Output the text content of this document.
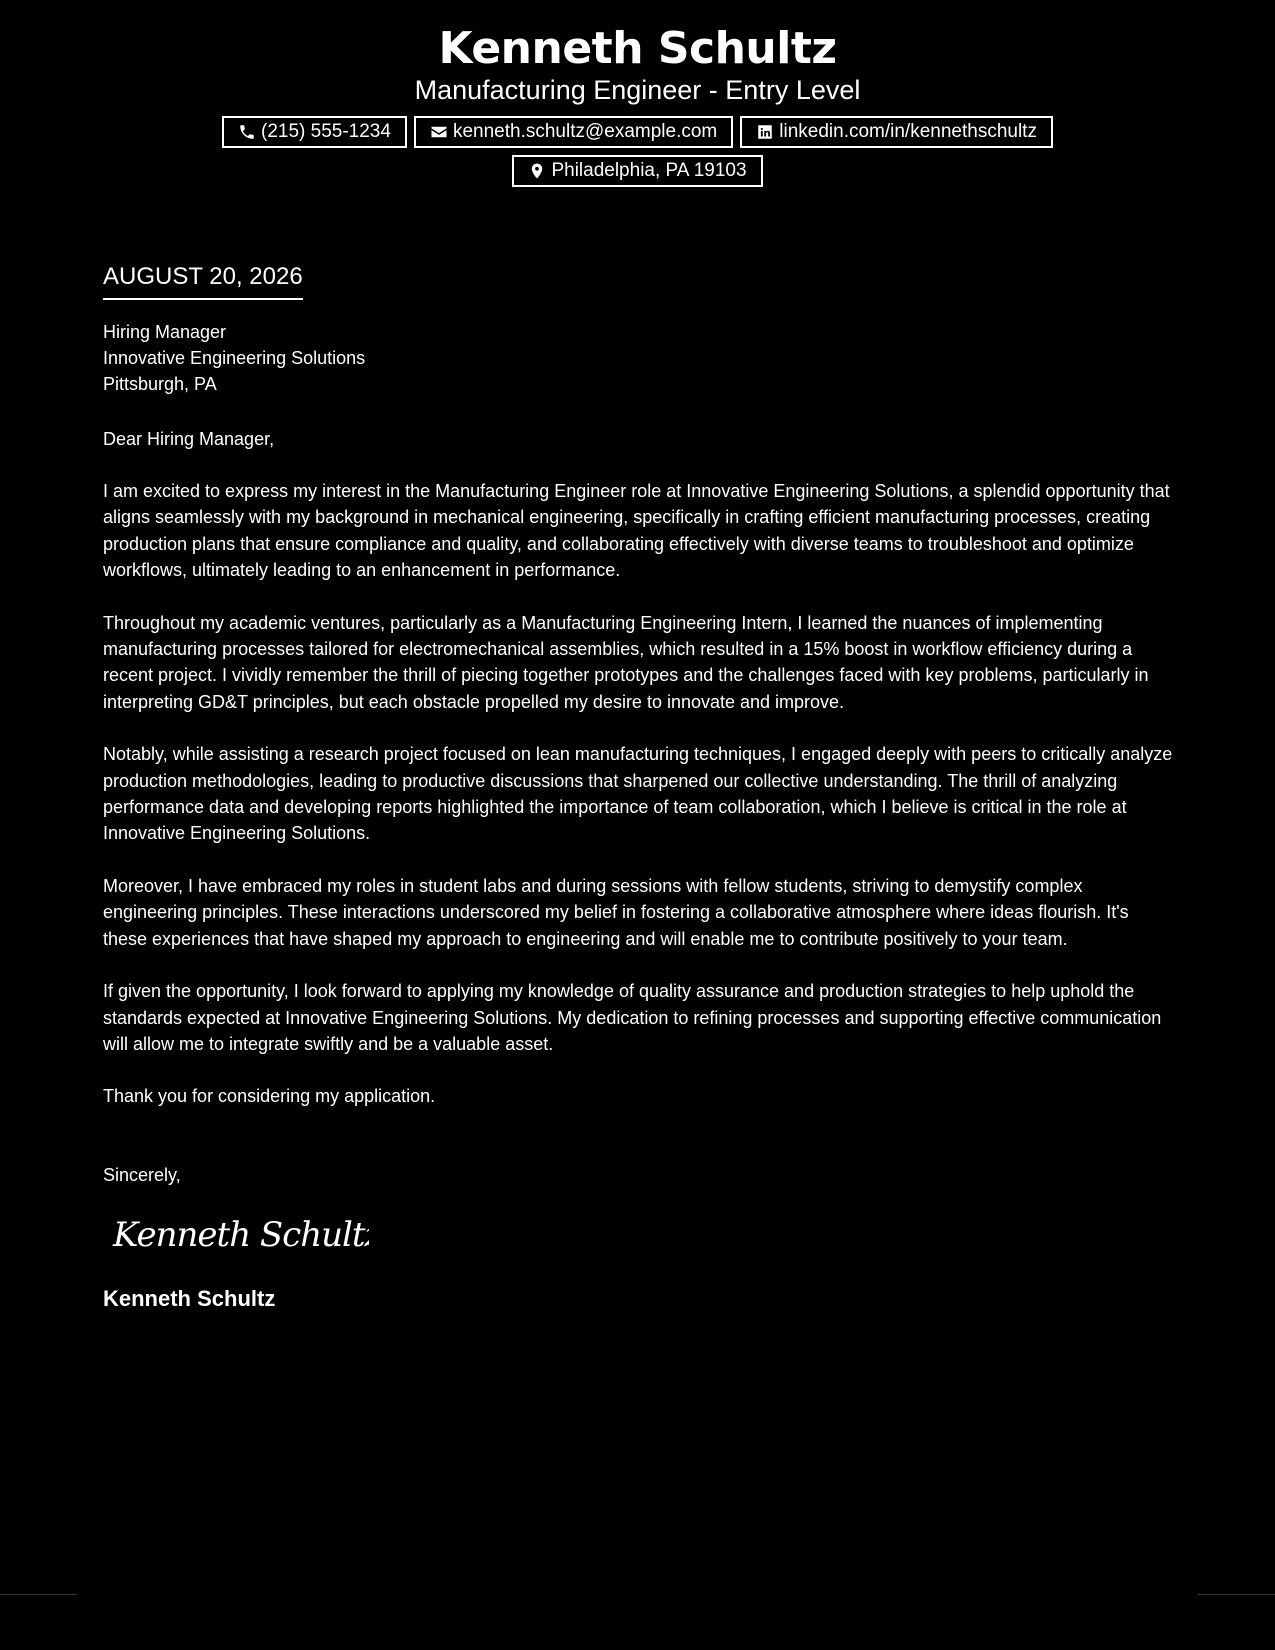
Kenneth Schultz
Manufacturing Engineer - Entry Level
(215) 555-1234	kenneth.schultz@example.com	linkedin.com/in/kennethschultz
Philadelphia, PA 19103
AUGUST 20, 2026
Hiring Manager
Innovative Engineering Solutions
Pittsburgh, PA
Dear Hiring Manager,
I am excited to express my interest in the Manufacturing Engineer role at Innovative Engineering Solutions, a splendid opportunity that aligns seamlessly with my background in mechanical engineering, specifically in crafting efficient manufacturing processes, creating production plans that ensure compliance and quality, and collaborating effectively with diverse teams to troubleshoot and optimize workflows, ultimately leading to an enhancement in performance.
Throughout my academic ventures, particularly as a Manufacturing Engineering Intern, I learned the nuances of implementing manufacturing processes tailored for electromechanical assemblies, which resulted in a 15% boost in workflow efficiency during a recent project. I vividly remember the thrill of piecing together prototypes and the challenges faced with key problems, particularly in interpreting GD&T principles, but each obstacle propelled my desire to innovate and improve.
Notably, while assisting a research project focused on lean manufacturing techniques, I engaged deeply with peers to critically analyze production methodologies, leading to productive discussions that sharpened our collective understanding. The thrill of analyzing performance data and developing reports highlighted the importance of team collaboration, which I believe is critical in the role at Innovative Engineering Solutions.
Moreover, I have embraced my roles in student labs and during sessions with fellow students, striving to demystify complex engineering principles. These interactions underscored my belief in fostering a collaborative atmosphere where ideas flourish. It's these experiences that have shaped my approach to engineering and will enable me to contribute positively to your team.
If given the opportunity, I look forward to applying my knowledge of quality assurance and production strategies to help uphold the standards expected at Innovative Engineering Solutions. My dedication to refining processes and supporting effective communication will allow me to integrate swiftly and be a valuable asset.
Thank you for considering my application.
Sincerely,
Kenneth Schultz
Kenneth Schultz
